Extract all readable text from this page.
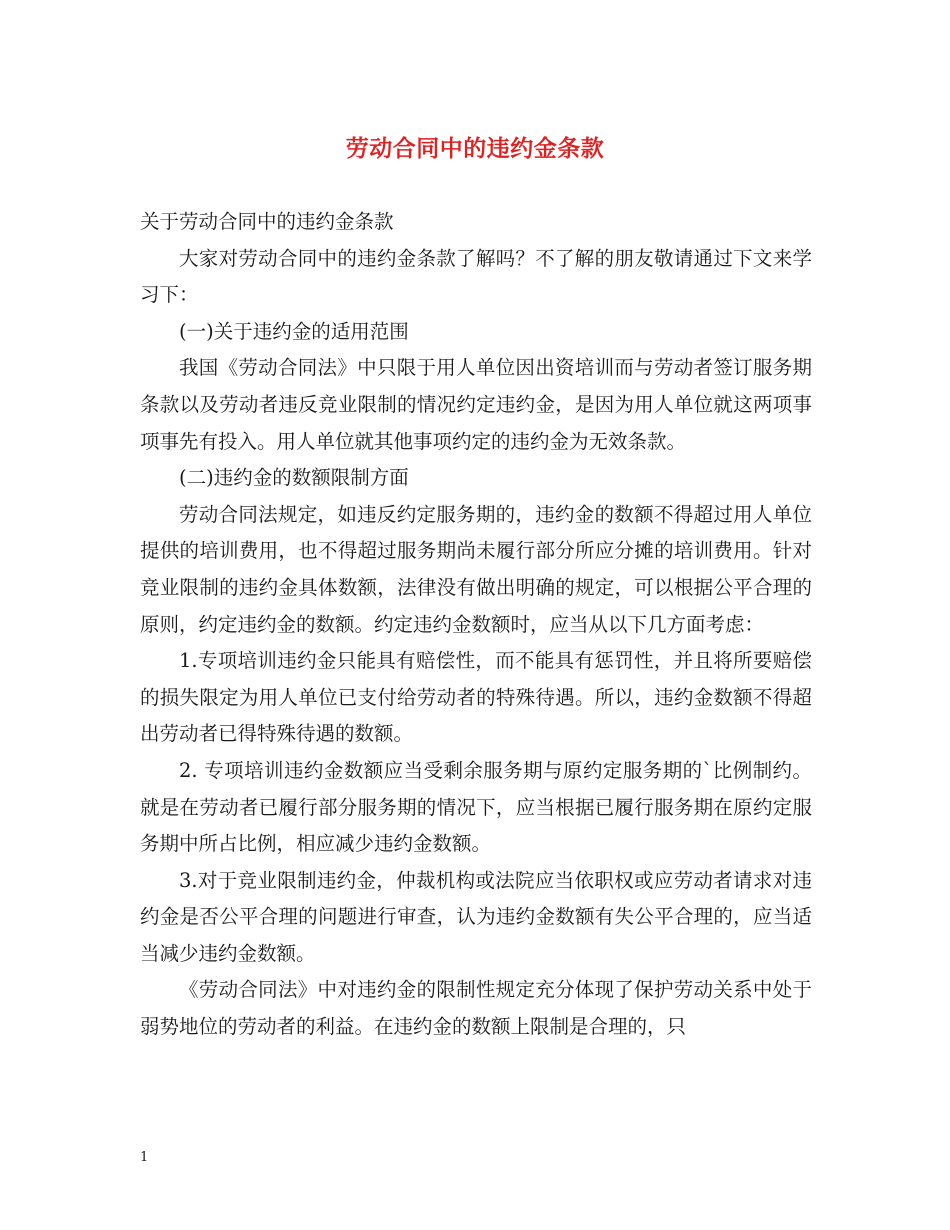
劳动合同中的违约金条款

关于劳动合同中的违约金条款

大家对劳动合同中的违约金条款了解吗？不了解的朋友敬请通过下文来学习下：

(一)关于违约金的适用范围

我国《劳动合同法》中只限于用人单位因出资培训而与劳动者签订服务期条款以及劳动者违反竞业限制的情况约定违约金，是因为用人单位就这两项事项事先有投入。用人单位就其他事项约定的违约金为无效条款。

(二)违约金的数额限制方面

劳动合同法规定，如违反约定服务期的，违约金的数额不得超过用人单位提供的培训费用，也不得超过服务期尚未履行部分所应分摊的培训费用。针对竞业限制的违约金具体数额，法律没有做出明确的规定，可以根据公平合理的原则，约定违约金的数额。约定违约金数额时，应当从以下几方面考虑：

1.专项培训违约金只能具有赔偿性，而不能具有惩罚性，并且将所要赔偿的损失限定为用人单位已支付给劳动者的特殊待遇。所以，违约金数额不得超出劳动者已得特殊待遇的数额。

2. 专项培训违约金数额应当受剩余服务期与原约定服务期的`比例制约。就是在劳动者已履行部分服务期的情况下，应当根据已履行服务期在原约定服务期中所占比例，相应减少违约金数额。

3.对于竞业限制违约金，仲裁机构或法院应当依职权或应劳动者请求对违约金是否公平合理的问题进行审查，认为违约金数额有失公平合理的，应当适当减少违约金数额。

《劳动合同法》中对违约金的限制性规定充分体现了保护劳动关系中处于弱势地位的劳动者的利益。在违约金的数额上限制是合理的，只

1
